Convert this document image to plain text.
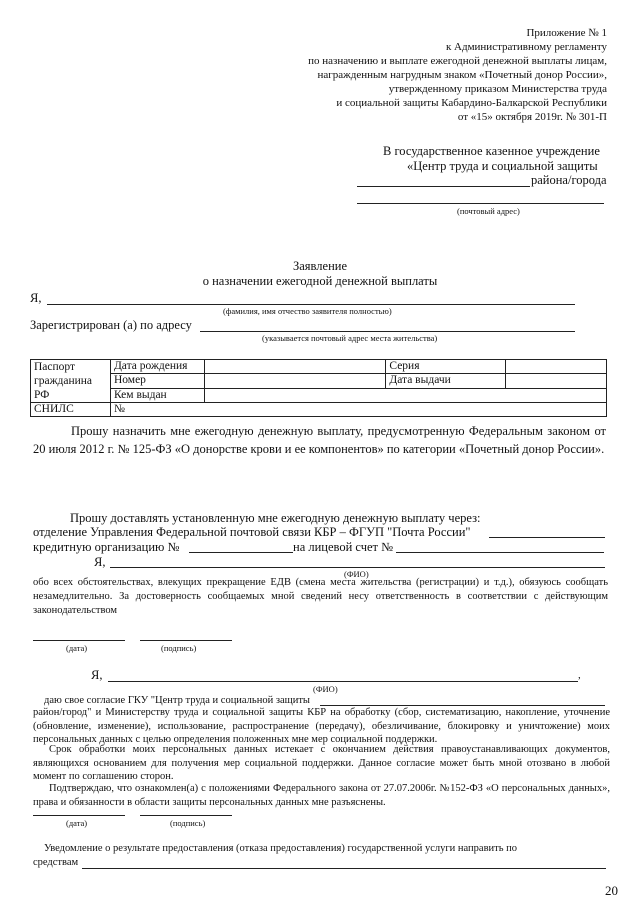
Приложение № 1
к Административному регламенту
по назначению и выплате ежегодной денежной выплаты лицам,
награжденным нагрудным знаком «Почетный донор России»,
утвержденному приказом Министерства труда
и социальной защиты Кабардино-Балкарской Республики
от «15» октября 2019г. № 301-П
В государственное казенное учреждение
«Центр труда и социальной защиты
района/города
(почтовый адрес)
Заявление
о назначении ежегодной денежной выплаты
Я,
(фамилия, имя отчество заявителя полностью)
Зарегистрирован (а) по адресу
(указывается почтовый адрес места жительства)
Паспорт
гражданина
РФ	Дата рождения		Серия	
	Номер		Дата выдачи	
	Кем выдан			
СНИЛС	№			
Прошу назначить мне ежегодную денежную выплату, предусмотренную Федеральным законом от 20 июля 2012 г. № 125-ФЗ «О донорстве крови и ее компонентов» по категории «Почетный донор России».
Прошу доставлять установленную мне ежегодную денежную выплату через:
отделение Управления Федеральной почтовой связи КБР – ФГУП "Почта России"
кредитную организацию №	на лицевой счет №
Я,
(ФИО)
обо всех обстоятельствах, влекущих прекращение ЕДВ (смена места жительства (регистрации) и т.д.), обязуюсь сообщать незамедлительно. За достоверность сообщаемых мной сведений несу ответственность в соответствии с действующим законодательством
(дата)	(подпись)
Я,	,
(ФИО)
даю свое согласие ГКУ "Центр труда и социальной защиты
район/город" и Министерству труда и социальной защиты КБР на обработку (сбор, систематизацию, накопление, уточнение (обновление, изменение), использование, распространение (передачу), обезличивание, блокировку и уничтожение) моих персональных данных с целью определения положенных мне мер социальной поддержки.
Срок обработки моих персональных данных истекает с окончанием действия правоустанавливающих документов, являющихся основанием для получения мер социальной поддержки. Данное согласие может быть мной отозвано в любой момент по соглашению сторон.
Подтверждаю, что ознакомлен(а) с положениями Федерального закона от 27.07.2006г. №152-ФЗ «О персональных данных», права и обязанности в области защиты персональных данных мне разъяснены.
(дата)	(подпись)
Уведомление о результате предоставления (отказа предоставления) государственной услуги направить по
средствам
20
